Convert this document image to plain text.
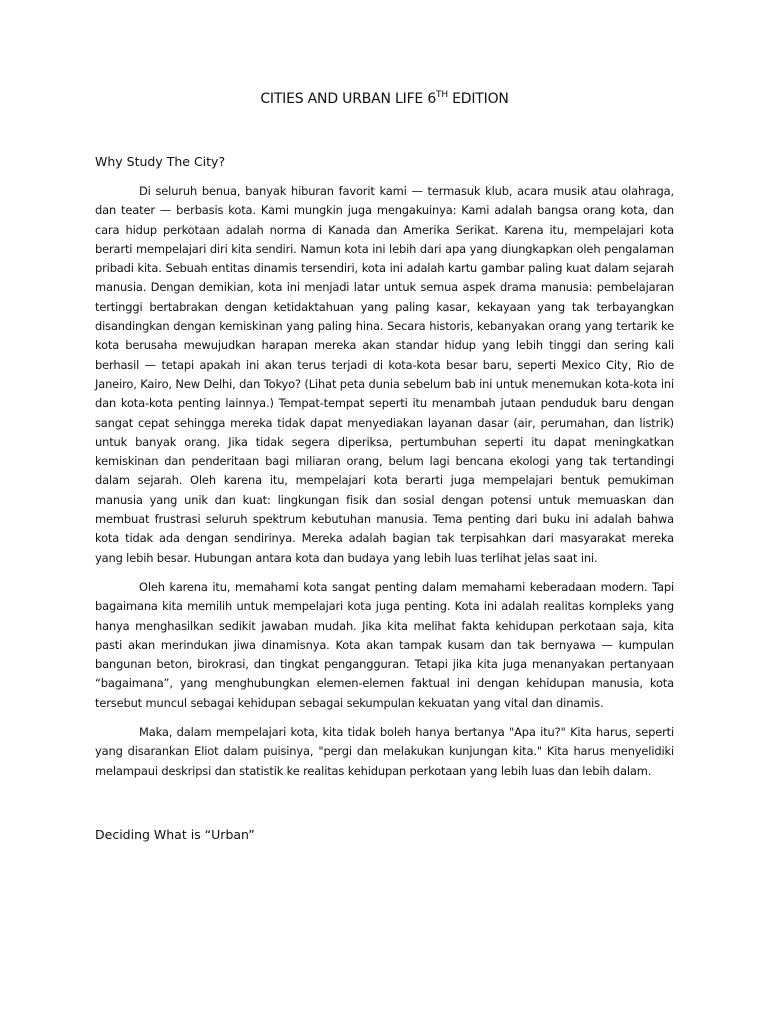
CITIES AND URBAN LIFE 6TH EDITION
Why Study The City?

Di seluruh benua, banyak hiburan favorit kami — termasuk klub, acara musik atau olahraga, dan teater — berbasis kota. Kami mungkin juga mengakuinya: Kami adalah bangsa orang kota, dan cara hidup perkotaan adalah norma di Kanada dan Amerika Serikat. Karena itu, mempelajari kota berarti mempelajari diri kita sendiri. Namun kota ini lebih dari apa yang diungkapkan oleh pengalaman pribadi kita. Sebuah entitas dinamis tersendiri, kota ini adalah kartu gambar paling kuat dalam sejarah manusia. Dengan demikian, kota ini menjadi latar untuk semua aspek drama manusia: pembelajaran tertinggi bertabrakan dengan ketidaktahuan yang paling kasar, kekayaan yang tak terbayangkan disandingkan dengan kemiskinan yang paling hina. Secara historis, kebanyakan orang yang tertarik ke kota berusaha mewujudkan harapan mereka akan standar hidup yang lebih tinggi dan sering kali berhasil — tetapi apakah ini akan terus terjadi di kota-kota besar baru, seperti Mexico City, Rio de Janeiro, Kairo, New Delhi, dan Tokyo? (Lihat peta dunia sebelum bab ini untuk menemukan kota-kota ini dan kota-kota penting lainnya.) Tempat-tempat seperti itu menambah jutaan penduduk baru dengan sangat cepat sehingga mereka tidak dapat menyediakan layanan dasar (air, perumahan, dan listrik) untuk banyak orang. Jika tidak segera diperiksa, pertumbuhan seperti itu dapat meningkatkan kemiskinan dan penderitaan bagi miliaran orang, belum lagi bencana ekologi yang tak tertandingi dalam sejarah. Oleh karena itu, mempelajari kota berarti juga mempelajari bentuk pemukiman manusia yang unik dan kuat: lingkungan fisik dan sosial dengan potensi untuk memuaskan dan membuat frustrasi seluruh spektrum kebutuhan manusia. Tema penting dari buku ini adalah bahwa kota tidak ada dengan sendirinya. Mereka adalah bagian tak terpisahkan dari masyarakat mereka yang lebih besar. Hubungan antara kota dan budaya yang lebih luas terlihat jelas saat ini.

Oleh karena itu, memahami kota sangat penting dalam memahami keberadaan modern. Tapi bagaimana kita memilih untuk mempelajari kota juga penting. Kota ini adalah realitas kompleks yang hanya menghasilkan sedikit jawaban mudah. Jika kita melihat fakta kehidupan perkotaan saja, kita pasti akan merindukan jiwa dinamisnya. Kota akan tampak kusam dan tak bernyawa — kumpulan bangunan beton, birokrasi, dan tingkat pengangguran. Tetapi jika kita juga menanyakan pertanyaan “bagaimana”, yang menghubungkan elemen-elemen faktual ini dengan kehidupan manusia, kota tersebut muncul sebagai kehidupan sebagai sekumpulan kekuatan yang vital dan dinamis.

Maka, dalam mempelajari kota, kita tidak boleh hanya bertanya "Apa itu?" Kita harus, seperti yang disarankan Eliot dalam puisinya, "pergi dan melakukan kunjungan kita." Kita harus menyelidiki melampaui deskripsi dan statistik ke realitas kehidupan perkotaan yang lebih luas dan lebih dalam.

Deciding What is “Urban”
